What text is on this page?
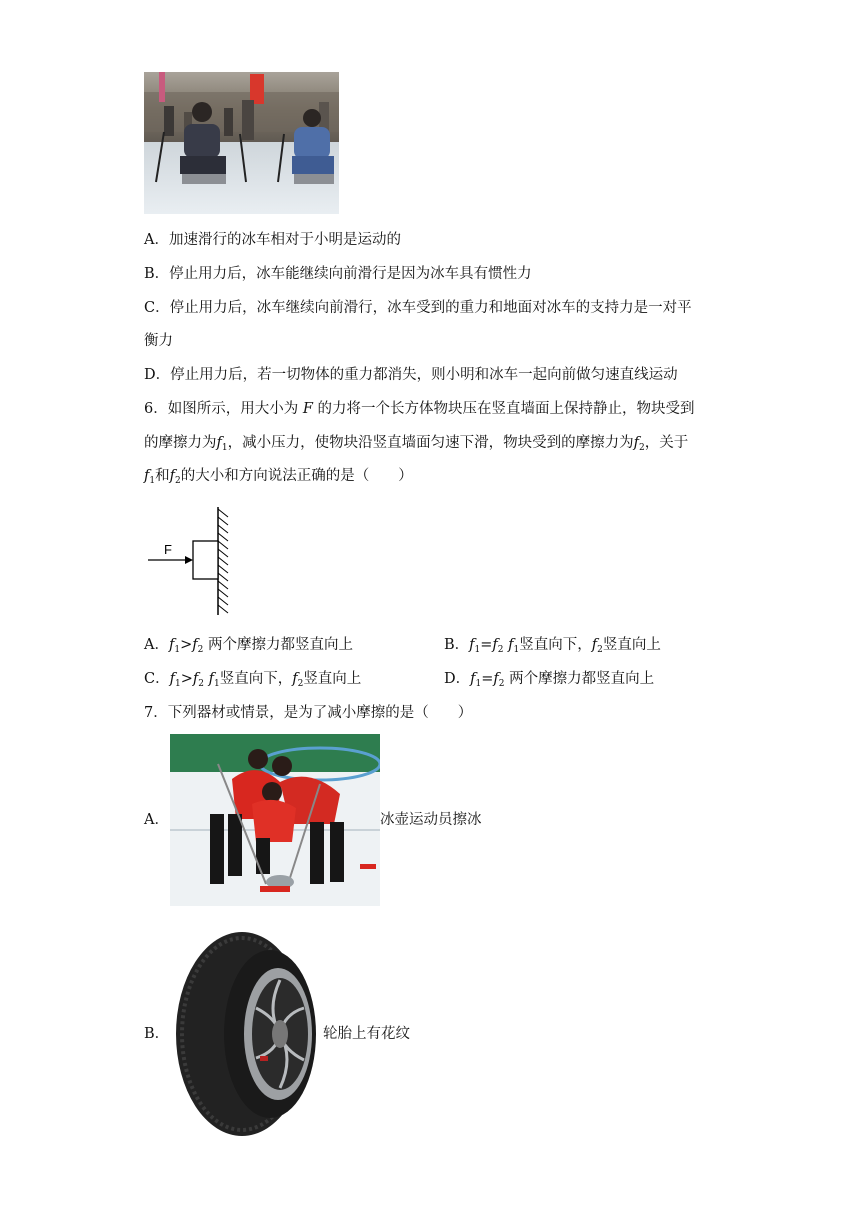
A．加速滑行的冰车相对于小明是运动的
B．停止用力后，冰车能继续向前滑行是因为冰车具有惯性力
C．停止用力后，冰车继续向前滑行，冰车受到的重力和地面对冰车的支持力是一对平
衡力
D．停止用力后，若一切物体的重力都消失，则小明和冰车一起向前做匀速直线运动
6．如图所示，用大小为 F 的力将一个长方体物块压在竖直墙面上保持静止，物块受到
的摩擦力为$f_1$，减小压力，使物块沿竖直墙面匀速下滑，物块受到的摩擦力为$f_2$，关于
$f_1$和$f_2$的大小和方向说法正确的是（　　）
F
A．$f_1>f_2$ 两个摩擦力都竖直向上	B．$f_1=f_2$ $f_1$竖直向下，$f_2$竖直向上
C．$f_1>f_2$ $f_1$竖直向下，$f_2$竖直向上	D．$f_1=f_2$ 两个摩擦力都竖直向上
7．下列器材或情景，是为了减小摩擦的是（　　）
A．	冰壶运动员擦冰
B．	轮胎上有花纹
